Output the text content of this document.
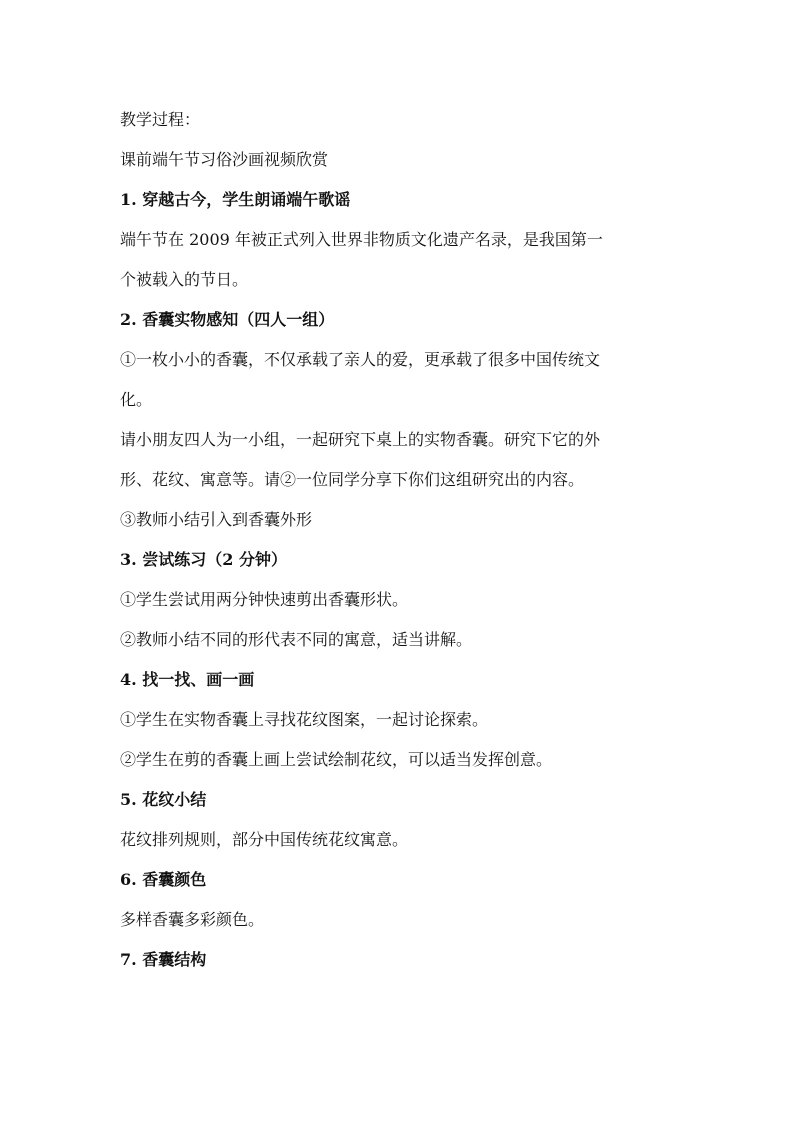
教学过程：

课前端午节习俗沙画视频欣赏

1. 穿越古今，学生朗诵端午歌谣

端午节在 2009 年被正式列入世界非物质文化遗产名录，是我国第一

个被载入的节日。

2. 香囊实物感知（四人一组）

①一枚小小的香囊，不仅承载了亲人的爱，更承载了很多中国传统文

化。

请小朋友四人为一小组，一起研究下桌上的实物香囊。研究下它的外

形、花纹、寓意等。请②一位同学分享下你们这组研究出的内容。

③教师小结引入到香囊外形

3. 尝试练习（2 分钟）

①学生尝试用两分钟快速剪出香囊形状。

②教师小结不同的形代表不同的寓意，适当讲解。

4. 找一找、画一画

①学生在实物香囊上寻找花纹图案，一起讨论探索。

②学生在剪的香囊上画上尝试绘制花纹，可以适当发挥创意。

5. 花纹小结

花纹排列规则，部分中国传统花纹寓意。

6. 香囊颜色

多样香囊多彩颜色。

7. 香囊结构
